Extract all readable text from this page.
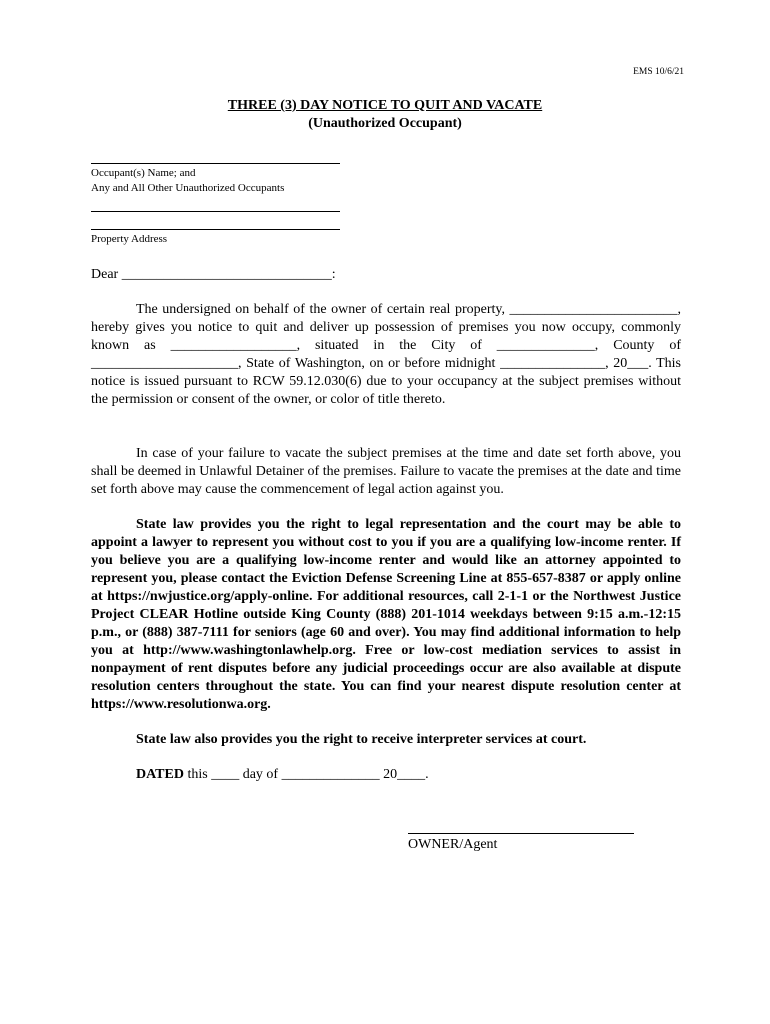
EMS 10/6/21
THREE (3) DAY NOTICE TO QUIT AND VACATE
(Unauthorized Occupant)
Occupant(s) Name; and
Any and All Other Unauthorized Occupants
Property Address
Dear ______________________________:
The undersigned on behalf of the owner of certain real property, ________________________, hereby gives you notice to quit and deliver up possession of premises you now occupy, commonly known as __________________, situated in the City of ______________, County of _____________________, State of Washington, on or before midnight _______________, 20___. This notice is issued pursuant to RCW 59.12.030(6) due to your occupancy at the subject premises without the permission or consent of the owner, or color of title thereto.
In case of your failure to vacate the subject premises at the time and date set forth above, you shall be deemed in Unlawful Detainer of the premises. Failure to vacate the premises at the date and time set forth above may cause the commencement of legal action against you.
State law provides you the right to legal representation and the court may be able to appoint a lawyer to represent you without cost to you if you are a qualifying low-income renter. If you believe you are a qualifying low-income renter and would like an attorney appointed to represent you, please contact the Eviction Defense Screening Line at 855-657-8387 or apply online at https://nwjustice.org/apply-online. For additional resources, call 2-1-1 or the Northwest Justice Project CLEAR Hotline outside King County (888) 201-1014 weekdays between 9:15 a.m.-12:15 p.m., or (888) 387-7111 for seniors (age 60 and over). You may find additional information to help you at http://www.washingtonlawhelp.org. Free or low-cost mediation services to assist in nonpayment of rent disputes before any judicial proceedings occur are also available at dispute resolution centers throughout the state. You can find your nearest dispute resolution center at https://www.resolutionwa.org.
State law also provides you the right to receive interpreter services at court.
DATED this ____ day of ______________ 20____.
OWNER/Agent
